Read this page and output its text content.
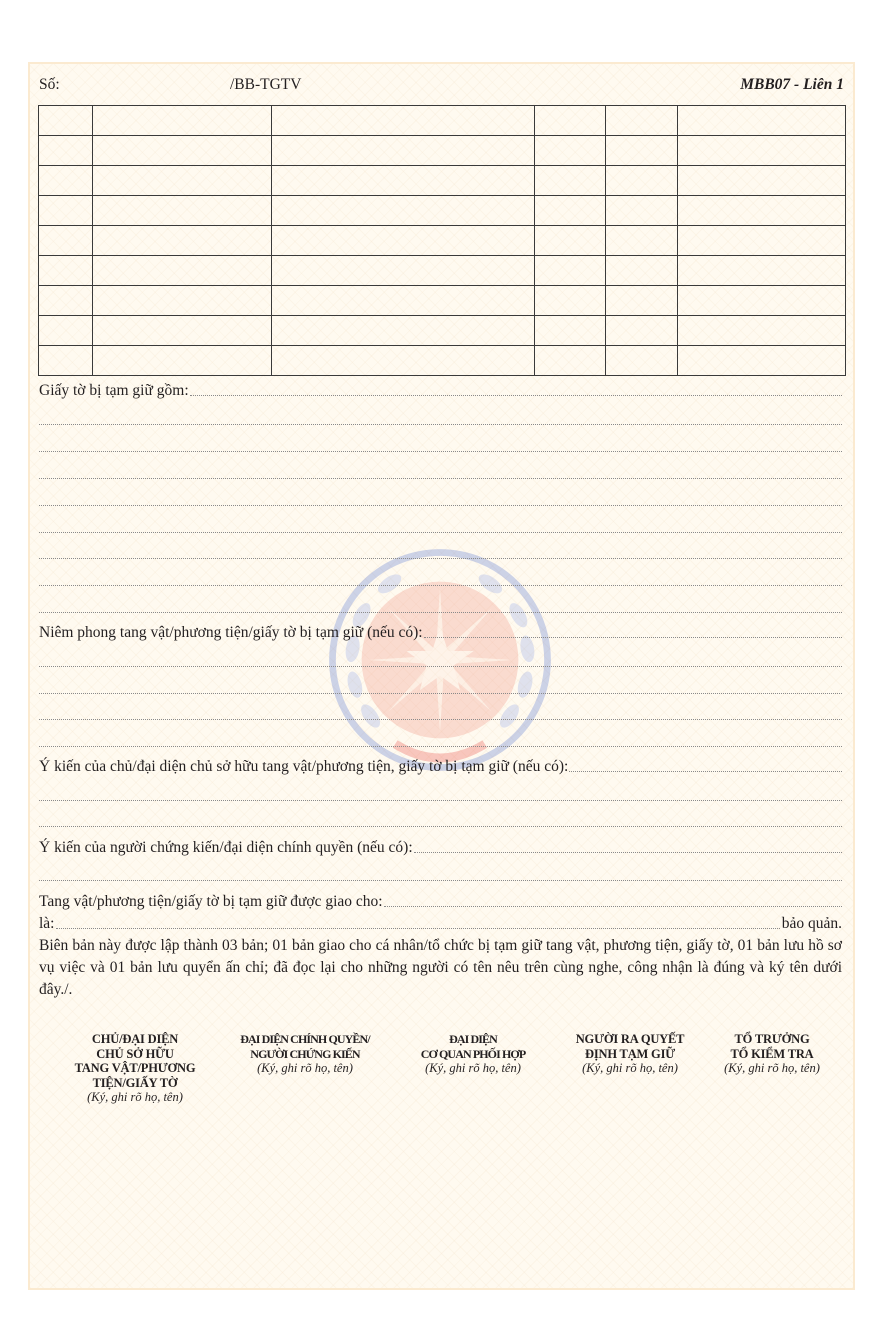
Số:	/BB-TGTV	MBB07 - Liên 1

Giấy tờ bị tạm giữ gồm:
Niêm phong tang vật/phương tiện/giấy tờ bị tạm giữ (nếu có):
Ý kiến của chủ/đại diện chủ sở hữu tang vật/phương tiện, giấy tờ bị tạm giữ (nếu có):
Ý kiến của người chứng kiến/đại diện chính quyền (nếu có):
Tang vật/phương tiện/giấy tờ bị tạm giữ được giao cho:
là:	bảo quản.
Biên bản này được lập thành 03 bản; 01 bản giao cho cá nhân/tổ chức bị tạm giữ tang vật, phương tiện, giấy tờ, 01 bản lưu hồ sơ vụ việc và 01 bản lưu quyển ấn chỉ; đã đọc lại cho những người có tên nêu trên cùng nghe, công nhận là đúng và ký tên dưới đây./.
CHỦ/ĐẠI DIỆN
CHỦ SỞ HỮU
TANG VẬT/PHƯƠNG
TIỆN/GIẤY TỜ
(Ký, ghi rõ họ, tên)
ĐẠI DIỆN CHÍNH QUYỀN/
NGƯỜI CHỨNG KIẾN
(Ký, ghi rõ họ, tên)
ĐẠI DIỆN
CƠ QUAN PHỐI HỢP
(Ký, ghi rõ họ, tên)
NGƯỜI RA QUYẾT
ĐỊNH TẠM GIỮ
(Ký, ghi rõ họ, tên)
TỔ TRƯỞNG
TỔ KIỂM TRA
(Ký, ghi rõ họ, tên)
